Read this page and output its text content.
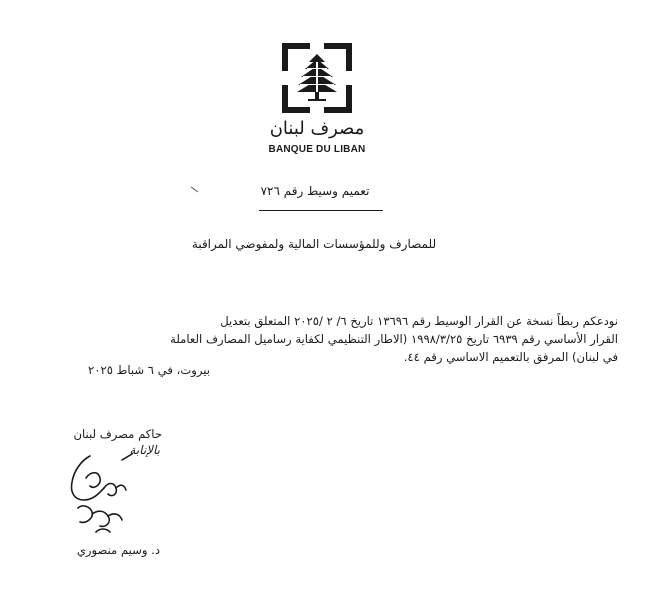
مصرف لبنان
BANQUE DU LIBAN
تعميم وسيط رقم ٧٢٦
للمصارف وللمؤسسات المالية ولمفوضي المراقبة
نودعكم ربطاً نسخة عن القرار الوسيط رقم ١٣٦٩٦ تاريخ ٦/ ٢ /٢٠٢٥ المتعلق بتعديل
القرار الأساسي رقم ٦٩٣٩ تاريخ ١٩٩٨/٣/٢٥ (الاطار التنظيمي لكفاية رساميل المصارف العاملة
في لبنان) المرفق بالتعميم الاساسي رقم ٤٤.
بيروت، في ٦ شباط ٢٠٢٥
حاكم مصرف لبنان
بالإنابة
د. وسيم منصوري
